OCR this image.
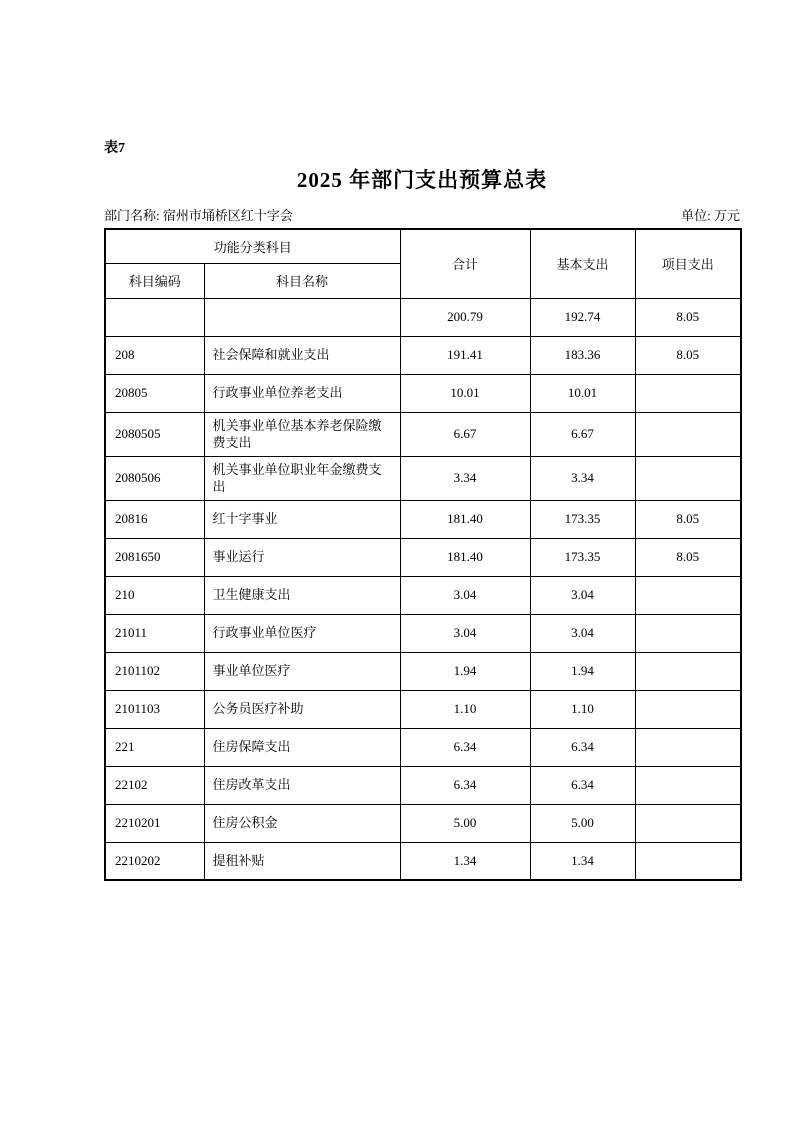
表7
2025 年部门支出预算总表
部门名称: 宿州市埇桥区红十字会	单位: 万元
功能分类科目		合计	基本支出	项目支出
科目编码	科目名称			
		200.79	192.74	8.05
208	社会保障和就业支出	191.41	183.36	8.05
20805	行政事业单位养老支出	10.01	10.01	
2080505	机关事业单位基本养老保险缴费支出	6.67	6.67	
2080506	机关事业单位职业年金缴费支出	3.34	3.34	
20816	红十字事业	181.40	173.35	8.05
2081650	事业运行	181.40	173.35	8.05
210	卫生健康支出	3.04	3.04	
21011	行政事业单位医疗	3.04	3.04	
2101102	事业单位医疗	1.94	1.94	
2101103	公务员医疗补助	1.10	1.10	
221	住房保障支出	6.34	6.34	
22102	住房改革支出	6.34	6.34	
2210201	住房公积金	5.00	5.00	
2210202	提租补贴	1.34	1.34	
